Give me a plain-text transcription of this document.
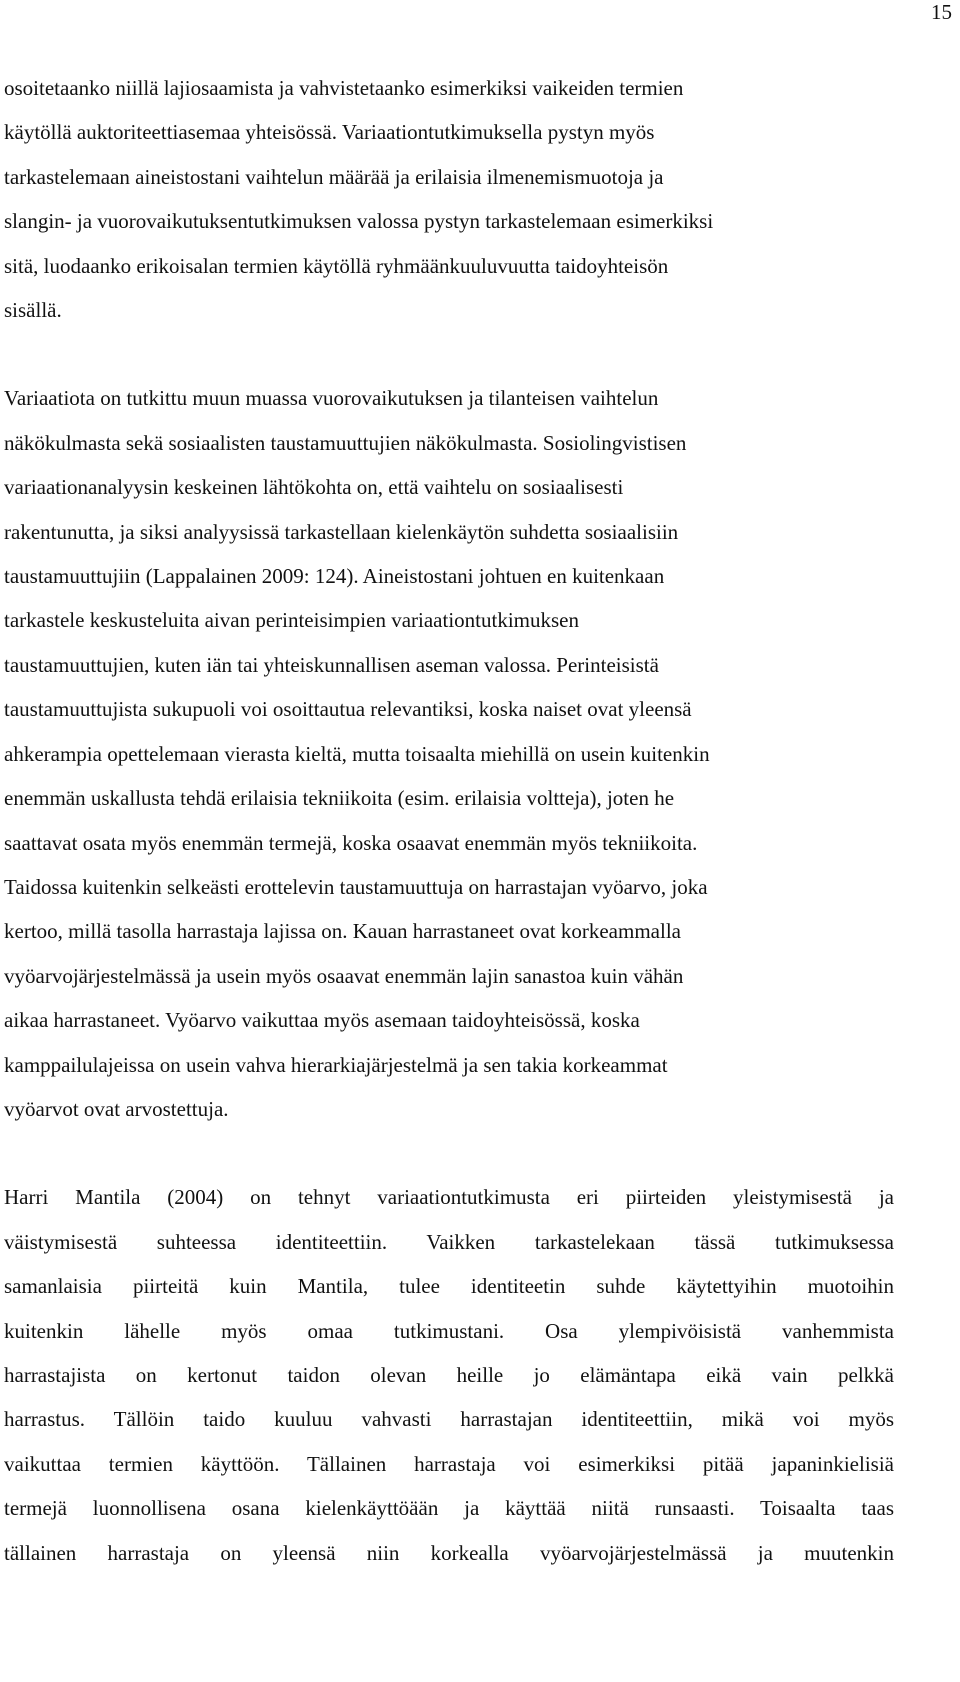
15

osoitetaanko niillä lajiosaamista ja vahvistetaanko esimerkiksi vaikeiden termien
käytöllä auktoriteettiasemaa yhteisössä. Variaationtutkimuksella pystyn myös
tarkastelemaan aineistostani vaihtelun määrää ja erilaisia ilmenemismuotoja ja
slangin- ja vuorovaikutuksentutkimuksen valossa pystyn tarkastelemaan esimerkiksi
sitä, luodaanko erikoisalan termien käytöllä ryhmäänkuuluvuutta taidoyhteisön
sisällä.

Variaatiota on tutkittu muun muassa vuorovaikutuksen ja tilanteisen vaihtelun
näkökulmasta sekä sosiaalisten taustamuuttujien näkökulmasta. Sosiolingvistisen
variaationanalyysin keskeinen lähtökohta on, että vaihtelu on sosiaalisesti
rakentunutta, ja siksi analyysissä tarkastellaan kielenkäytön suhdetta sosiaalisiin
taustamuuttujiin (Lappalainen 2009: 124). Aineistostani johtuen en kuitenkaan
tarkastele keskusteluita aivan perinteisimpien variaationtutkimuksen
taustamuuttujien, kuten iän tai yhteiskunnallisen aseman valossa. Perinteisistä
taustamuuttujista sukupuoli voi osoittautua relevantiksi, koska naiset ovat yleensä
ahkerampia opettelemaan vierasta kieltä, mutta toisaalta miehillä on usein kuitenkin
enemmän uskallusta tehdä erilaisia tekniikoita (esim. erilaisia voltteja), joten he
saattavat osata myös enemmän termejä, koska osaavat enemmän myös tekniikoita.
Taidossa kuitenkin selkeästi erottelevin taustamuuttuja on harrastajan vyöarvo, joka
kertoo, millä tasolla harrastaja lajissa on. Kauan harrastaneet ovat korkeammalla
vyöarvojärjestelmässä ja usein myös osaavat enemmän lajin sanastoa kuin vähän
aikaa harrastaneet. Vyöarvo vaikuttaa myös asemaan taidoyhteisössä, koska
kamppailulajeissa on usein vahva hierarkiajärjestelmä ja sen takia korkeammat
vyöarvot ovat arvostettuja.

Harri Mantila (2004) on tehnyt variaationtutkimusta eri piirteiden yleistymisestä ja
väistymisestä suhteessa identiteettiin. Vaikken tarkastelekaan tässä tutkimuksessa
samanlaisia piirteitä kuin Mantila, tulee identiteetin suhde käytettyihin muotoihin
kuitenkin lähelle myös omaa tutkimustani. Osa ylempivöisistä vanhemmista
harrastajista on kertonut taidon olevan heille jo elämäntapa eikä vain pelkkä
harrastus. Tällöin taido kuuluu vahvasti harrastajan identiteettiin, mikä voi myös
vaikuttaa termien käyttöön. Tällainen harrastaja voi esimerkiksi pitää japaninkielisiä
termejä luonnollisena osana kielenkäyttöään ja käyttää niitä runsaasti. Toisaalta taas
tällainen harrastaja on yleensä niin korkealla vyöarvojärjestelmässä ja muutenkin
